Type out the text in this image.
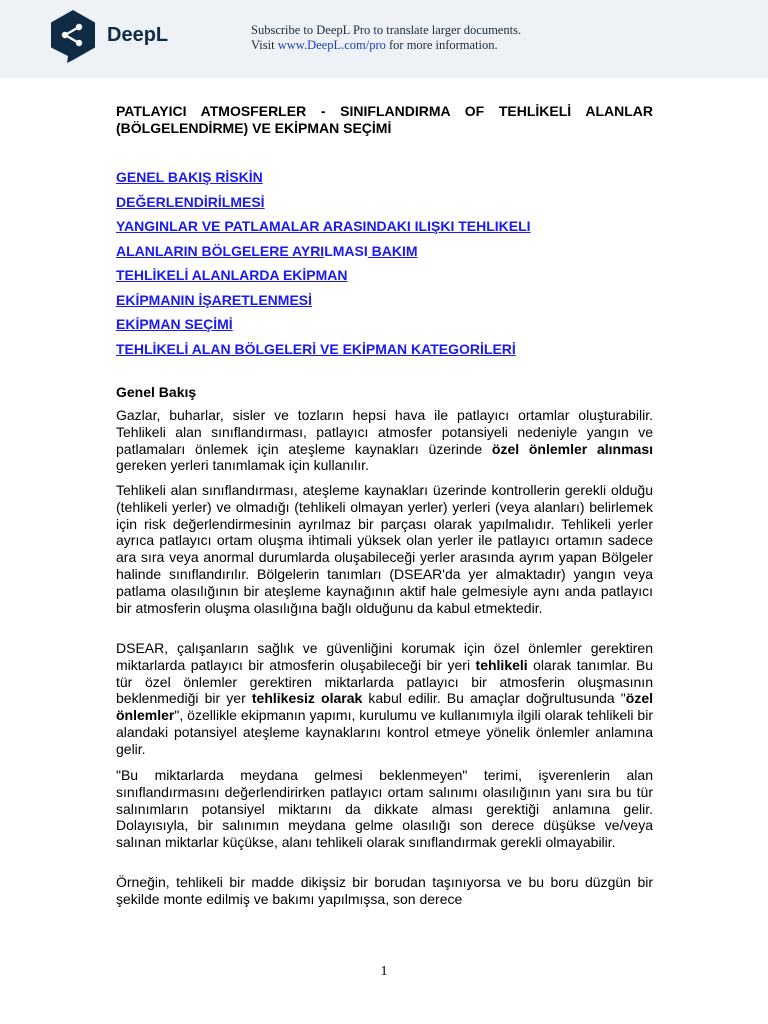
DeepL	Subscribe to DeepL Pro to translate larger documents.
Visit www.DeepL.com/pro for more information.
PATLAYICI ATMOSFERLER - SINIFLANDIRMA OF TEHLİKELİ ALANLAR (BÖLGELENDİRME) VE EKİPMAN SEÇİMİ
GENEL BAKIŞ RİSKİN
DEĞERLENDİRİLMESİ
YANGINLAR VE PATLAMALAR ARASINDAKI ILIŞKI TEHLIKELI
ALANLARIN BÖLGELERE AYRILMASI BAKIM
TEHLİKELİ ALANLARDA EKİPMAN
EKİPMANIN İŞARETLENMESİ
EKİPMAN SEÇİMİ
TEHLİKELİ ALAN BÖLGELERİ VE EKİPMAN KATEGORİLERİ
Genel Bakış
Gazlar, buharlar, sisler ve tozların hepsi hava ile patlayıcı ortamlar oluşturabilir. Tehlikeli alan sınıflandırması, patlayıcı atmosfer potansiyeli nedeniyle yangın ve patlamaları önlemek için ateşleme kaynakları üzerinde özel önlemler alınması gereken yerleri tanımlamak için kullanılır.
Tehlikeli alan sınıflandırması, ateşleme kaynakları üzerinde kontrollerin gerekli olduğu (tehlikeli yerler) ve olmadığı (tehlikeli olmayan yerler) yerleri (veya alanları) belirlemek için risk değerlendirmesinin ayrılmaz bir parçası olarak yapılmalıdır. Tehlikeli yerler ayrıca patlayıcı ortam oluşma ihtimali yüksek olan yerler ile patlayıcı ortamın sadece ara sıra veya anormal durumlarda oluşabileceği yerler arasında ayrım yapan Bölgeler halinde sınıflandırılır. Bölgelerin tanımları (DSEAR'da yer almaktadır) yangın veya patlama olasılığının bir ateşleme kaynağının aktif hale gelmesiyle aynı anda patlayıcı bir atmosferin oluşma olasılığına bağlı olduğunu da kabul etmektedir.
DSEAR, çalışanların sağlık ve güvenliğini korumak için özel önlemler gerektiren miktarlarda patlayıcı bir atmosferin oluşabileceği bir yeri tehlikeli olarak tanımlar. Bu tür özel önlemler gerektiren miktarlarda patlayıcı bir atmosferin oluşmasının beklenmediği bir yer tehlikesiz olarak kabul edilir. Bu amaçlar doğrultusunda "özel önlemler", özellikle ekipmanın yapımı, kurulumu ve kullanımıyla ilgili olarak tehlikeli bir alandaki potansiyel ateşleme kaynaklarını kontrol etmeye yönelik önlemler anlamına gelir.
"Bu miktarlarda meydana gelmesi beklenmeyen" terimi, işverenlerin alan sınıflandırmasını değerlendirirken patlayıcı ortam salınımı olasılığının yanı sıra bu tür salınımların potansiyel miktarını da dikkate alması gerektiği anlamına gelir. Dolayısıyla, bir salınımın meydana gelme olasılığı son derece düşükse ve/veya salınan miktarlar küçükse, alanı tehlikeli olarak sınıflandırmak gerekli olmayabilir.
Örneğin, tehlikeli bir madde dikişsiz bir borudan taşınıyorsa ve bu boru düzgün bir şekilde monte edilmiş ve bakımı yapılmışsa, son derece
1
